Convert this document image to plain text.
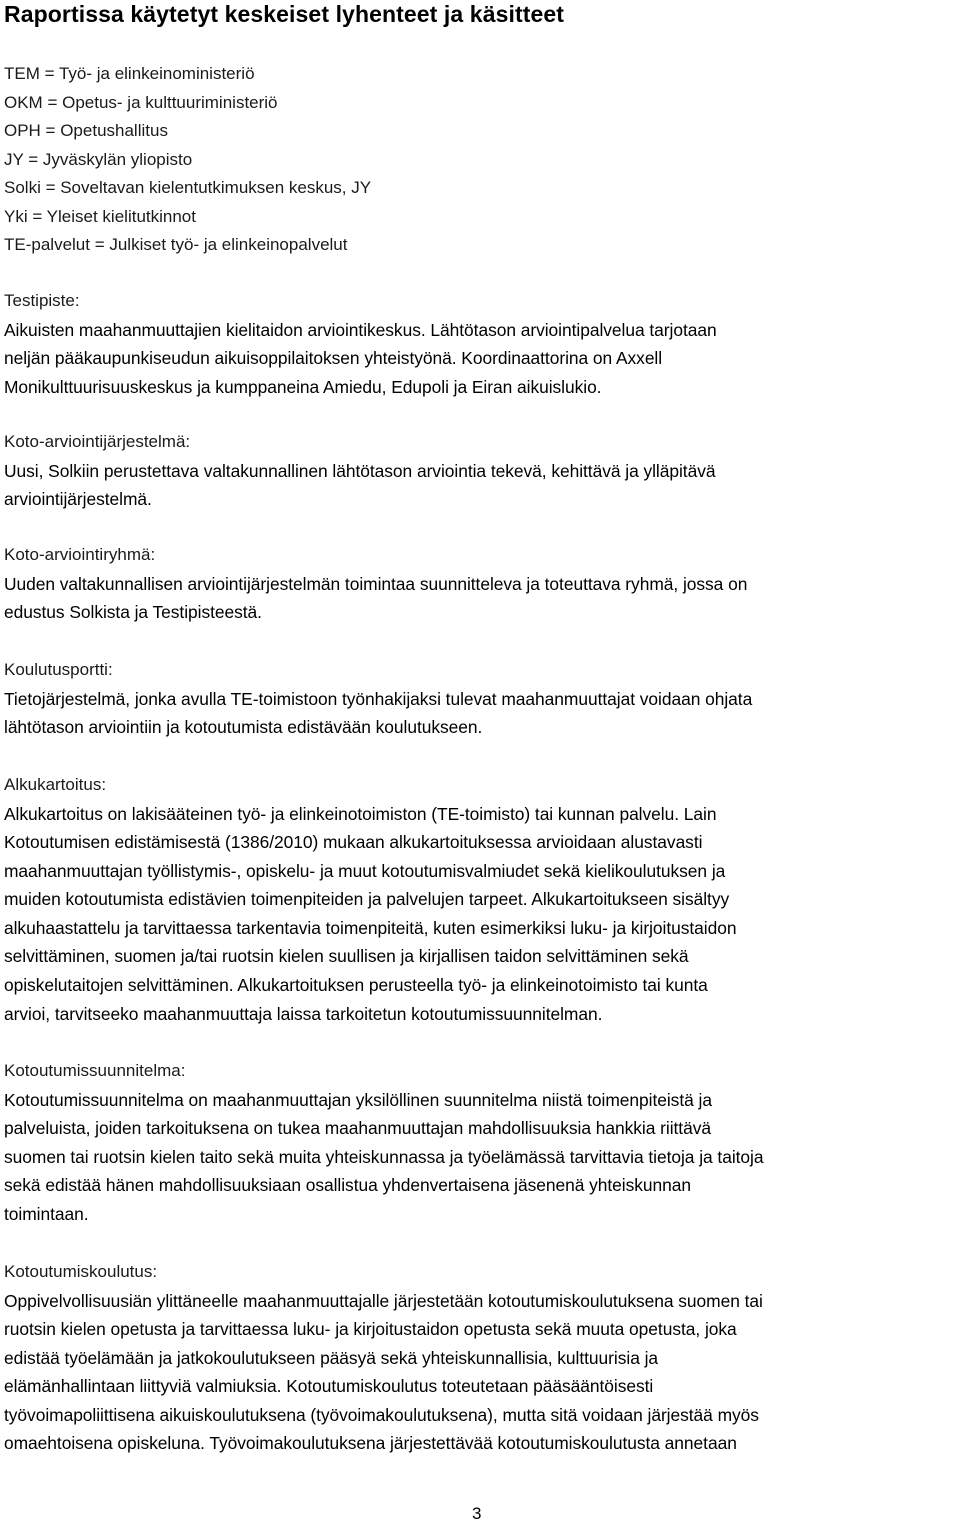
Raportissa käytetyt keskeiset lyhenteet ja käsitteet
TEM = Työ- ja elinkeinoministeriö
OKM = Opetus- ja kulttuuriministeriö
OPH = Opetushallitus
JY = Jyväskylän yliopisto
Solki = Soveltavan kielentutkimuksen keskus, JY
Yki = Yleiset kielitutkinnot
TE-palvelut = Julkiset työ- ja elinkeinopalvelut
Testipiste:
Aikuisten maahanmuuttajien kielitaidon arviointikeskus. Lähtötason arviointipalvelua tarjotaan
neljän pääkaupunkiseudun aikuisoppilaitoksen yhteistyönä. Koordinaattorina on Axxell
Monikulttuurisuuskeskus ja kumppaneina Amiedu, Edupoli ja Eiran aikuislukio.
Koto-arviointijärjestelmä:
Uusi, Solkiin perustettava valtakunnallinen lähtötason arviointia tekevä, kehittävä ja ylläpitävä
arviointijärjestelmä.
Koto-arviointiryhmä:
Uuden valtakunnallisen arviointijärjestelmän toimintaa suunnitteleva ja toteuttava ryhmä, jossa on
edustus Solkista ja Testipisteestä.
Koulutusportti:
Tietojärjestelmä, jonka avulla TE-toimistoon työnhakijaksi tulevat maahanmuuttajat voidaan ohjata
lähtötason arviointiin ja kotoutumista edistävään koulutukseen.
Alkukartoitus:
Alkukartoitus on lakisääteinen työ- ja elinkeinotoimiston (TE-toimisto) tai kunnan palvelu. Lain
Kotoutumisen edistämisestä (1386/2010) mukaan alkukartoituksessa arvioidaan alustavasti
maahanmuuttajan työllistymis-, opiskelu- ja muut kotoutumisvalmiudet sekä kielikoulutuksen ja
muiden kotoutumista edistävien toimenpiteiden ja palvelujen tarpeet. Alkukartoitukseen sisältyy
alkuhaastattelu ja tarvittaessa tarkentavia toimenpiteitä, kuten esimerkiksi luku- ja kirjoitustaidon
selvittäminen, suomen ja/tai ruotsin kielen suullisen ja kirjallisen taidon selvittäminen sekä
opiskelutaitojen selvittäminen. Alkukartoituksen perusteella työ- ja elinkeinotoimisto tai kunta
arvioi, tarvitseeko maahanmuuttaja laissa tarkoitetun kotoutumissuunnitelman.
Kotoutumissuunnitelma:
Kotoutumissuunnitelma on maahanmuuttajan yksilöllinen suunnitelma niistä toimenpiteistä ja
palveluista, joiden tarkoituksena on tukea maahanmuuttajan mahdollisuuksia hankkia riittävä
suomen tai ruotsin kielen taito sekä muita yhteiskunnassa ja työelämässä tarvittavia tietoja ja taitoja
sekä edistää hänen mahdollisuuksiaan osallistua yhdenvertaisena jäsenenä yhteiskunnan
toimintaan.
Kotoutumiskoulutus:
Oppivelvollisuusiän ylittäneelle maahanmuuttajalle järjestetään kotoutumiskoulutuksena suomen tai
ruotsin kielen opetusta ja tarvittaessa luku- ja kirjoitustaidon opetusta sekä muuta opetusta, joka
edistää työelämään ja jatkokoulutukseen pääsyä sekä yhteiskunnallisia, kulttuurisia ja
elämänhallintaan liittyviä valmiuksia. Kotoutumiskoulutus toteutetaan pääsääntöisesti
työvoimapoliittisena aikuiskoulutuksena (työvoimakoulutuksena), mutta sitä voidaan järjestää myös
omaehtoisena opiskeluna. Työvoimakoulutuksena järjestettävää kotoutumiskoulutusta annetaan
3
